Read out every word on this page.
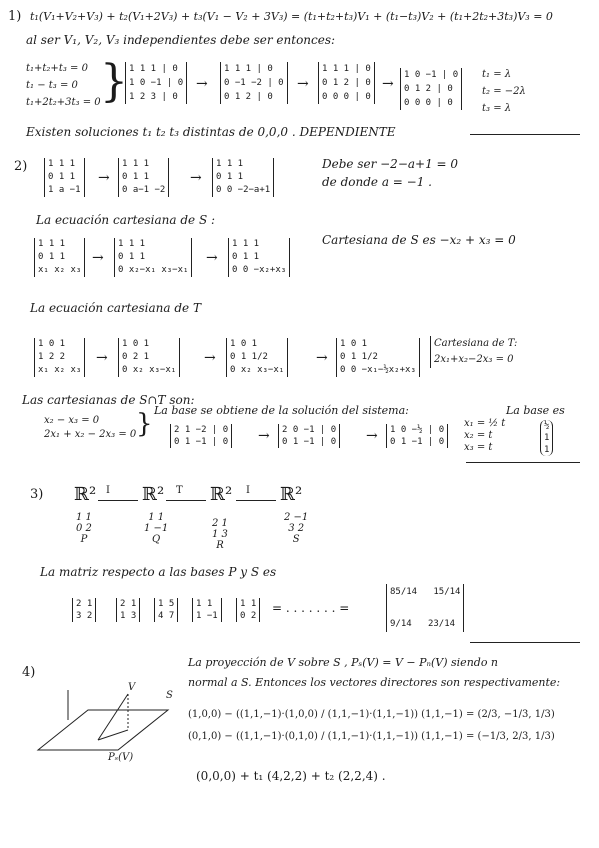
1) t₁(V₁+V₂+V₃) + t₂(V₁+2V₃) + t₃(V₁ − V₂ + 3V₃) = (t₁+t₂+t₃)V₁ + (t₁−t₃)V₂ + (t₁+2t₂+3t₃)V₃ = 0
al ser V₁, V₂, V₃ independientes debe ser entonces:
t₁+t₂+t₃ = 0
t₁ − t₃ = 0
t₁+2t₂+3t₃ = 0 } 1 1 1 | 0
1 0 −1 | 0
1 2 3 | 0
→
1 1 1 | 0
0 −1 −2 | 0
0 1 2 | 0
→
1 1 1 | 0
0 1 2 | 0
0 0 0 | 0
→
1 0 −1 | 0
0 1 2 | 0
0 0 0 | 0
t₁ = λ
t₂ = −2λ
t₃ = λ
Existen soluciones t₁ t₂ t₃ distintas de 0,0,0 . DEPENDIENTE
2) 1 1 1
0 1 1
1 a −1
→
1 1 1
0 1 1
0 a−1 −2
→
1 1 1
0 1 1
0 0 −2−a+1
Debe ser −2−a+1 = 0
de donde a = −1 .
La ecuación cartesiana de S :
1 1 1
0 1 1
x₁ x₂ x₃
→
1 1 1
0 1 1
0 x₂−x₁ x₃−x₁
→
1 1 1
0 1 1
0 0 −x₂+x₃
Cartesiana de S es −x₂ + x₃ = 0
La ecuación cartesiana de T
1 0 1
1 2 2
x₁ x₂ x₃
→
1 0 1
0 2 1
0 x₂ x₃−x₁
→
1 0 1
0 1 1/2
0 x₂ x₃−x₁
→
1 0 1
0 1 1/2
0 0 −x₁−½x₂+x₃
Cartesiana de T:
2x₁+x₂−2x₃ = 0
Las cartesianas de S∩T son:
x₂ − x₃ = 0
2x₁ + x₂ − 2x₃ = 0 } La base se obtiene de la solución del sistema:	La base es
2 1 −2 | 0
0 1 −1 | 0 → 2 0 −1 | 0
0 1 −1 | 0 → 1 0 −½ | 0
0 1 −1 | 0
x₁ = ½ t
x₂ = t
x₃ = t
½
1
1
3) ℝ² I ℝ² T ℝ² I ℝ²
1 1
0 2
P
1 1
1 −1
Q
2 1
1 3
R
2 −1
3 2
S
La matriz respecto a las bases P y S es
2 1
3 2
2 1
1 3
1 5
4 7
1 1
1 −1
1 1
0 2
= . . . . . . . =
85/14 15/14

9/14 23/14
4)
V
S
Pₛ(V)
La proyección de V sobre S , Pₛ(V) = V − Pₙ(V) siendo n
normal a S. Entonces los vectores directores son respectivamente:
(1,0,0) − ((1,1,−1)·(1,0,0) / (1,1,−1)·(1,1,−1)) (1,1,−1) = (2/3, −1/3, 1/3)
(0,1,0) − ((1,1,−1)·(0,1,0) / (1,1,−1)·(1,1,−1)) (1,1,−1) = (−1/3, 2/3, 1/3)
(0,0,0) + t₁ (4,2,2) + t₂ (2,2,4) .
